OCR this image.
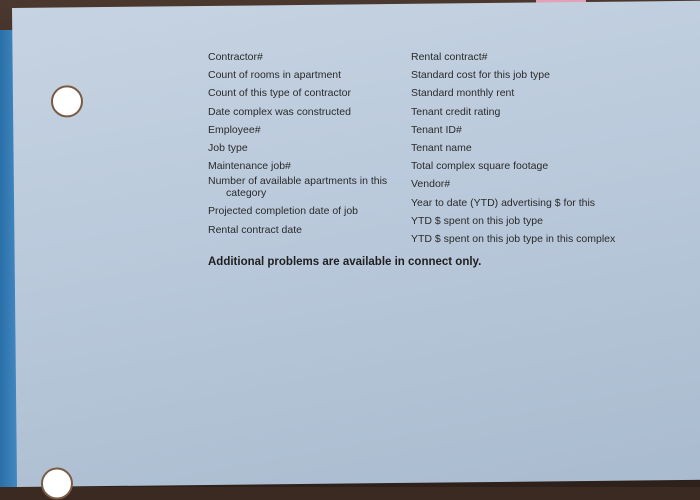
Contractor#
Count of rooms in apartment
Count of this type of contractor
Date complex was constructed
Employee#
Job type
Maintenance job#
Number of available apartments in this
category
Projected completion date of job
Rental contract date
Rental contract#
Standard cost for this job type
Standard monthly rent
Tenant credit rating
Tenant ID#
Tenant name
Total complex square footage
Vendor#
Year to date (YTD) advertising $ for this
YTD $ spent on this job type
YTD $ spent on this job type in this complex
Additional problems are available in connect only.
